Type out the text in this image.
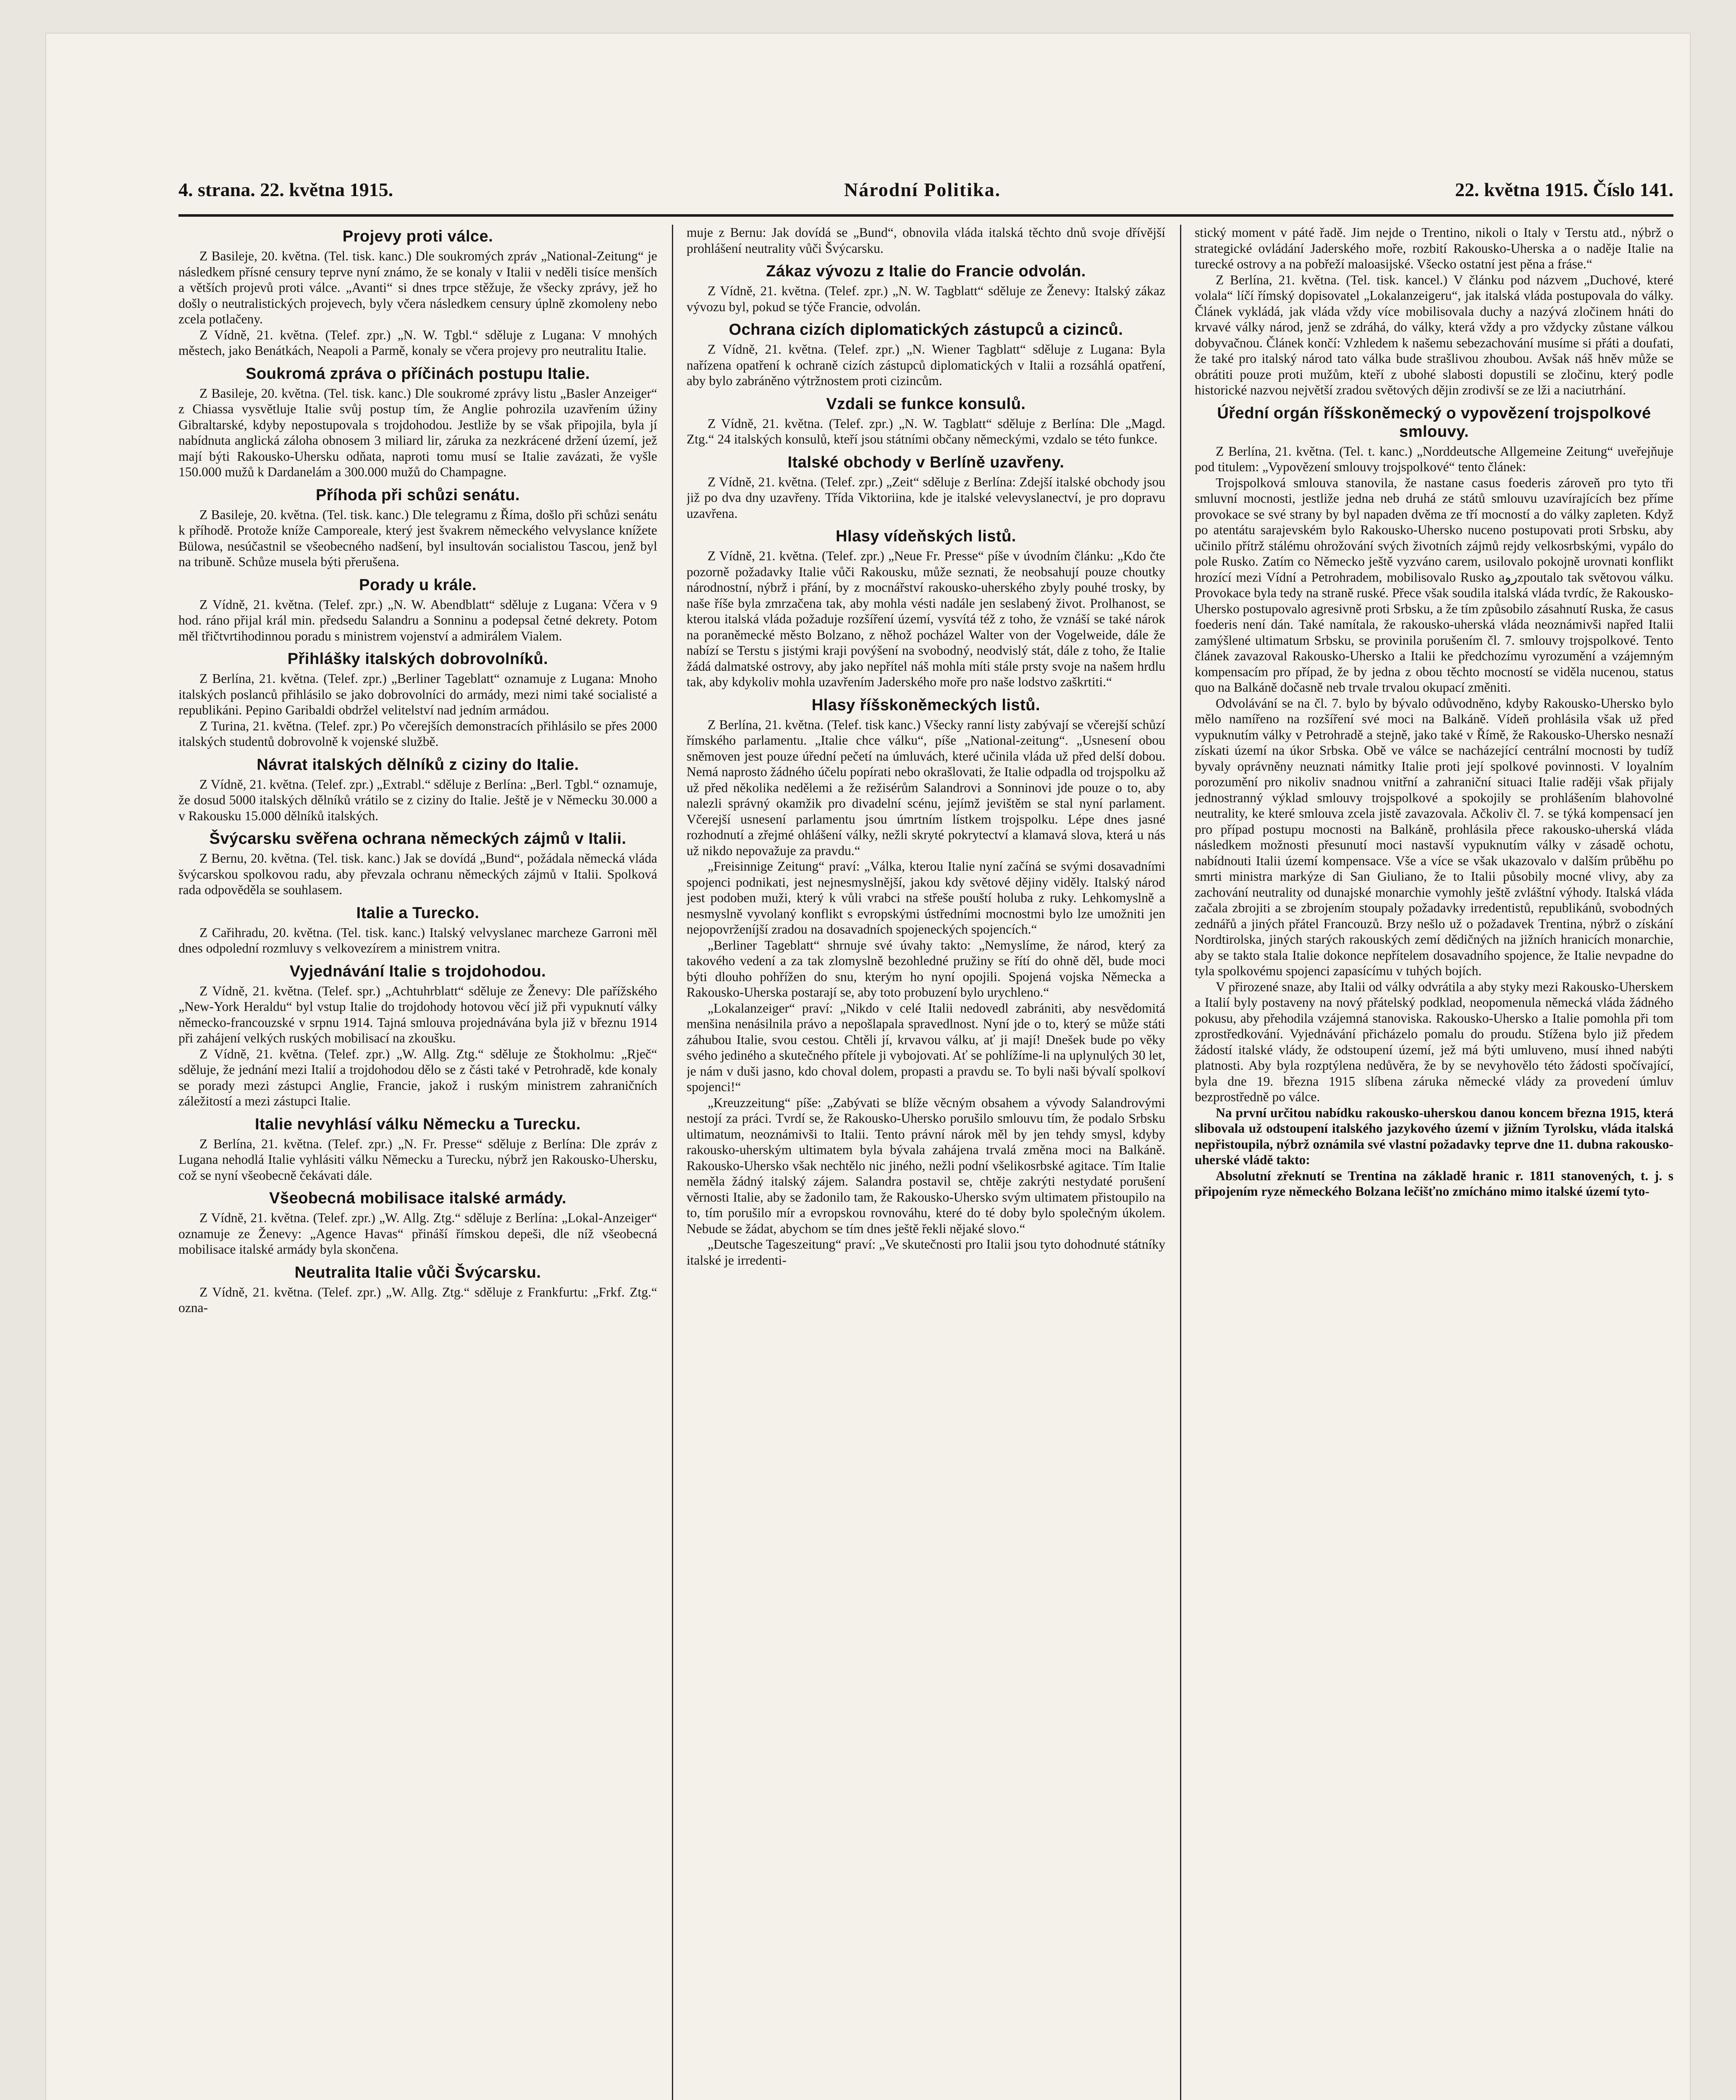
4. strana. 22. května 1915.	Národní Politika.	22. května 1915. Číslo 141.
Projevy proti válce.

Z Basileje, 20. května. (Tel. tisk. kanc.) Dle soukromých zpráv „National-Zeitung“ je následkem přísné censury teprve nyní známo, že se konaly v Italii v neděli tisíce menších a větších projevů proti válce. „Avanti“ si dnes trpce stěžuje, že všecky zprávy, jež ho došly o neutralistických projevech, byly včera následkem censury úplně zkomoleny nebo zcela potlačeny.

Z Vídně, 21. května. (Telef. zpr.) „N. W. Tgbl.“ sděluje z Lugana: V mnohých městech, jako Benátkách, Neapoli a Parmě, konaly se včera projevy pro neutralitu Italie.

Soukromá zpráva o příčinách postupu Italie.

Z Basileje, 20. května. (Tel. tisk. kanc.) Dle soukromé zprávy listu „Basler Anzeiger“ z Chiassa vysvětluje Italie svůj postup tím, že Anglie pohrozila uzavřením úžiny Gibraltarské, kdyby nepostupovala s trojdohodou. Jestliže by se však připojila, byla jí nabídnuta anglická záloha obnosem 3 miliard lir, záruka za nezkrácené držení území, jež mají býti Rakousko-Uhersku odňata, naproti tomu musí se Italie zavázati, že vyšle 150.000 mužů k Dardanelám a 300.000 mužů do Champagne.

Příhoda při schůzi senátu.

Z Basileje, 20. května. (Tel. tisk. kanc.) Dle telegramu z Říma, došlo při schůzi senátu k příhodě. Protože kníže Camporeale, který jest švakrem německého velvyslance knížete Bülowa, nesúčastnil se všeobecného nadšení, byl insultován socialistou Tascou, jenž byl na tribuně. Schůze musela býti přerušena.

Porady u krále.

Z Vídně, 21. května. (Telef. zpr.) „N. W. Abendblatt“ sděluje z Lugana: Včera v 9 hod. ráno přijal král min. předsedu Salandru a Sonninu a podepsal četné dekrety. Potom měl třičtvrtihodinnou poradu s ministrem vojenství a admirálem Vialem.

Přihlášky italských dobrovolníků.

Z Berlína, 21. května. (Telef. zpr.) „Berliner Tageblatt“ oznamuje z Lugana: Mnoho italských poslanců přihlásilo se jako dobrovolníci do armády, mezi nimi také socialisté a republikáni. Pepino Garibaldi obdržel velitelství nad jedním armádou.

Z Turina, 21. května. (Telef. zpr.) Po včerejších demonstracích přihlásilo se přes 2000 italských studentů dobrovolně k vojenské službě.

Návrat italských dělníků z ciziny do Italie.

Z Vídně, 21. května. (Telef. zpr.) „Extrabl.“ sděluje z Berlína: „Berl. Tgbl.“ oznamuje, že dosud 5000 italských dělníků vrátilo se z ciziny do Italie. Ještě je v Německu 30.000 a v Rakousku 15.000 dělníků italských.

Švýcarsku svěřena ochrana německých zájmů v Italii.

Z Bernu, 20. května. (Tel. tisk. kanc.) Jak se dovídá „Bund“, požádala německá vláda švýcarskou spolkovou radu, aby převzala ochranu německých zájmů v Italii. Spolková rada odpověděla se souhlasem.

Italie a Turecko.

Z Cařihradu, 20. května. (Tel. tisk. kanc.) Italský velvyslanec marcheze Garroni měl dnes odpolední rozmluvy s velkovezírem a ministrem vnitra.

Vyjednávání Italie s trojdohodou.

Z Vídně, 21. května. (Telef. spr.) „Achtuhrblatt“ sděluje ze Ženevy: Dle pařížského „New-York Heraldu“ byl vstup Italie do trojdohody hotovou věcí již při vypuknutí války německo-francouzské v srpnu 1914. Tajná smlouva projednávána byla již v březnu 1914 při zahájení velkých ruských mobilisací na zkoušku.

Z Vídně, 21. května. (Telef. zpr.) „W. Allg. Ztg.“ sděluje ze Štokholmu: „Rječ“ sděluje, že jednání mezi Italií a trojdohodou dělo se z části také v Petrohradě, kde konaly se porady mezi zástupci Anglie, Francie, jakož i ruským ministrem zahraničních záležitostí a mezi zástupci Italie.

Italie nevyhlásí válku Německu a Turecku.

Z Berlína, 21. května. (Telef. zpr.) „N. Fr. Presse“ sděluje z Berlína: Dle zpráv z Lugana nehodlá Italie vyhlásiti válku Německu a Turecku, nýbrž jen Rakousko-Uhersku, což se nyní všeobecně čekávati dále.

Všeobecná mobilisace italské armády.

Z Vídně, 21. května. (Telef. zpr.) „W. Allg. Ztg.“ sděluje z Berlína: „Lokal-Anzeiger“ oznamuje ze Ženevy: „Agence Havas“ přináší římskou depeši, dle níž všeobecná mobilisace italské armády byla skončena.

Neutralita Italie vůči Švýcarsku.

Z Vídně, 21. května. (Telef. zpr.) „W. Allg. Ztg.“ sděluje z Frankfurtu: „Frkf. Ztg.“ ozna-

muje z Bernu: Jak dovídá se „Bund“, obnovila vláda italská těchto dnů svoje dřívější prohlášení neutrality vůči Švýcarsku.

Zákaz vývozu z Italie do Francie odvolán.

Z Vídně, 21. května. (Telef. zpr.) „N. W. Tagblatt“ sděluje ze Ženevy: Italský zákaz vývozu byl, pokud se týče Francie, odvolán.

Ochrana cizích diplomatických zástupců a cizinců.

Z Vídně, 21. května. (Telef. zpr.) „N. Wiener Tagblatt“ sděluje z Lugana: Byla nařízena opatření k ochraně cizích zástupců diplomatických v Italii a rozsáhlá opatření, aby bylo zabráněno výtržnostem proti cizincům.

Vzdali se funkce konsulů.

Z Vídně, 21. května. (Telef. zpr.) „N. W. Tagblatt“ sděluje z Berlína: Dle „Magd. Ztg.“ 24 italských konsulů, kteří jsou státními občany německými, vzdalo se této funkce.

Italské obchody v Berlíně uzavřeny.

Z Vídně, 21. května. (Telef. zpr.) „Zeit“ sděluje z Berlína: Zdejší italské obchody jsou již po dva dny uzavřeny. Třída Viktoriina, kde je italské velevyslanectví, je pro dopravu uzavřena.

Hlasy vídeňských listů.

Z Vídně, 21. května. (Telef. zpr.) „Neue Fr. Presse“ píše v úvodním článku: „Kdo čte pozorně požadavky Italie vůči Rakousku, může seznati, že neobsahují pouze choutky národnostní, nýbrž i přání, by z mocnářství rakousko-uherského zbyly pouhé trosky, by naše říše byla zmrzačena tak, aby mohla vésti nadále jen seslabený život. Prolhanost, se kterou italská vláda požaduje rozšíření území, vysvítá též z toho, že vznáší se také nárok na poraněmecké město Bolzano, z něhož pocházel Walter von der Vogelweide, dále že nabízí se Terstu s jistými kraji povýšení na svobodný, neodvislý stát, dále z toho, že Italie žádá dalmatské ostrovy, aby jako nepřítel náš mohla míti stále prsty svoje na našem hrdlu tak, aby kdykoliv mohla uzavřením Jaderského moře pro naše lodstvo zaškrtiti.“

Hlasy říšskoněmeckých listů.

Z Berlína, 21. května. (Telef. tisk kanc.) Všecky ranní listy zabývají se včerejší schůzí římského parlamentu. „Italie chce válku“, píše „National-zeitung“. „Usnesení obou sněmoven jest pouze úřední pečetí na úmluvách, které učinila vláda už před delší dobou. Nemá naprosto žádného účelu popírati nebo okrašlovati, že Italie odpadla od trojspolku až už před několika nedělemi a že režisérům Salandrovi a Sonninovi jde pouze o to, aby nalezli správný okamžik pro divadelní scénu, jejímž jevištěm se stal nyní parlament. Včerejší usnesení parlamentu jsou úmrtním lístkem trojspolku. Lépe dnes jasné rozhodnutí a zřejmé ohlášení války, nežli skryté pokrytectví a klamavá slova, která u nás už nikdo nepovažuje za pravdu.“

„Freisinnige Zeitung“ praví: „Válka, kterou Italie nyní začíná se svými dosavadními spojenci podnikati, jest nejnesmyslnější, jakou kdy světové dějiny viděly. Italský národ jest podoben muži, který k vůli vrabci na střeše pouští holuba z ruky. Lehkomyslně a nesmyslně vyvolaný konflikt s evropskými ústředními mocnostmi bylo lze umožniti jen nejopovrženíjší zradou na dosavadních spojeneckých spojencích.“

„Berliner Tageblatt“ shrnuje své úvahy takto: „Nemyslíme, že národ, který za takového vedení a za tak zlomyslně bezohledné pružiny se řítí do ohně děl, bude moci býti dlouho pohřížen do snu, kterým ho nyní opojili. Spojená vojska Německa a Rakousko-Uherska postarají se, aby toto probuzení bylo urychleno.“

„Lokalanzeiger“ praví: „Nikdo v celé Italii nedovedl zabrániti, aby nesvědomitá menšina nenásilnila právo a nepošlapala spravedlnost. Nyní jde o to, který se může státi záhubou Italie, svou cestou. Chtěli jí, krvavou válku, ať ji mají! Dnešek bude po věky svého jediného a skutečného přítele ji vybojovati. Ať se pohlížíme-li na uplynulých 30 let, je nám v duši jasno, kdo choval dolem, propasti a pravdu se. To byli naši bývalí spolkoví spojenci!“

„Kreuzzeitung“ píše: „Zabývati se blíže věcným obsahem a vývody Salandrovými nestojí za práci. Tvrdí se, že Rakousko-Uhersko porušilo smlouvu tím, že podalo Srbsku ultimatum, neoznámivši to Italii. Tento právní nárok měl by jen tehdy smysl, kdyby rakousko-uherským ultimatem byla bývala zahájena trvalá změna moci na Balkáně. Rakousko-Uhersko však nechtělo nic jiného, nežli podní všelikosrbské agitace. Tím Italie neměla žádný italský zájem. Salandra postavil se, chtěje zakrýti nestydaté porušení věrnosti Italie, aby se žadonilo tam, že Rakousko-Uhersko svým ultimatem přistoupilo na to, tím porušilo mír a evropskou rovnováhu, které do té doby bylo společným úkolem. Nebude se žádat, abychom se tím dnes ještě řekli nějaké slovo.“

„Deutsche Tageszeitung“ praví: „Ve skutečnosti pro Italii jsou tyto dohodnuté státníky italské je irredenti-

stický moment v páté řadě. Jim nejde o Trentino, nikoli o Italy v Terstu atd., nýbrž o strategické ovládání Jaderského moře, rozbití Rakousko-Uherska a o naděje Italie na turecké ostrovy a na pobřeží maloasijské. Všecko ostatní jest pěna a fráse.“

Z Berlína, 21. května. (Tel. tisk. kancel.) V článku pod názvem „Duchové, které volala“ líčí římský dopisovatel „Lokalanzeigeru“, jak italská vláda postupovala do války. Článek vykládá, jak vláda vždy více mobilisovala duchy a nazývá zločinem hnáti do krvavé války národ, jenž se zdráhá, do války, která vždy a pro vždycky zůstane válkou dobyvačnou. Článek končí: Vzhledem k našemu sebezachování musíme si přáti a doufati, že také pro italský národ tato válka bude strašlivou zhoubou. Avšak náš hněv může se obrátiti pouze proti mužům, kteří z ubohé slabosti dopustili se zločinu, který podle historické nazvou největší zradou světových dějin zrodivší se ze lži a naciutrhání.

Úřední orgán říšskoněmecký o vypovězení trojspolkové smlouvy.

Z Berlína, 21. května. (Tel. t. kanc.) „Norddeutsche Allgemeine Zeitung“ uveřejňuje pod titulem: „Vypovězení smlouvy trojspolkové“ tento článek:

Trojspolková smlouva stanovila, že nastane casus foederis zároveň pro tyto tři smluvní mocnosti, jestliže jedna neb druhá ze států smlouvu uzavírajících bez příme provokace se své strany by byl napaden dvěma ze tří mocností a do války zapleten. Když po atentátu sarajevském bylo Rakousko-Uhersko nuceno postupovati proti Srbsku, aby učinilo přítrž stálému ohrožování svých životních zájmů rejdy velkosrbskými, vypálo do pole Rusko. Zatím co Německo ještě vyzváno carem, usilovalo pokojně urovnati konflikt hrozící mezi Vídní a Petrohradem, mobilisovalo Rusko aروzpoutalo tak světovou válku. Provokace byla tedy na straně ruské. Přece však soudila italská vláda tvrdíc, že Rakousko-Uhersko postupovalo agresivně proti Srbsku, a že tím způsobilo zásahnutí Ruska, že casus foederis není dán. Také namítala, že rakousko-uherská vláda neoznámivši napřed Italii zamýšlené ultimatum Srbsku, se provinila porušením čl. 7. smlouvy trojspolkové. Tento článek zavazoval Rakousko-Uhersko a Italii ke předchozímu vyrozumění a vzájemným kompensacím pro případ, že by jedna z obou těchto mocností se viděla nucenou, status quo na Balkáně dočasně neb trvale trvalou okupací změniti.

Odvolávání se na čl. 7. bylo by bývalo odůvodněno, kdyby Rakousko-Uhersko bylo mělo namířeno na rozšíření své moci na Balkáně. Vídeň prohlásila však už před vypuknutím války v Petrohradě a stejně, jako také v Římě, že Rakousko-Uhersko nesnaží získati území na úkor Srbska. Obě ve válce se nacházející centrální mocnosti by tudíž byvaly oprávněny neuznati námitky Italie proti její spolkové povinnosti. V loyalním porozumění pro nikoliv snadnou vnitřní a zahraniční situaci Italie raději však přijaly jednostranný výklad smlouvy trojspolkové a spokojily se prohlášením blahovolné neutrality, ke které smlouva zcela jistě zavazovala. Ačkoliv čl. 7. se týká kompensací jen pro případ postupu mocnosti na Balkáně, prohlásila přece rakousko-uherská vláda následkem možnosti přesunutí moci nastavší vypuknutím války v zásadě ochotu, nabídnouti Italii území kompensace. Vše a více se však ukazovalo v dalším průběhu po smrti ministra markýze di San Giuliano, že to Italii působily mocné vlivy, aby za zachování neutrality od dunajské monarchie vymohly ještě zvláštní výhody. Italská vláda začala zbrojiti a se zbrojením stoupaly požadavky irredentistů, republikánů, svobodných zednářů a jiných přátel Francouzů. Brzy nešlo už o požadavek Trentina, nýbrž o získání Nordtirolska, jiných starých rakouských zemí dědičných na jižních hranicích monarchie, aby se takto stala Italie dokonce nepřítelem dosavadního spojence, že Italie nevpadne do tyla spolkovému spojenci zapasícímu v tuhých bojích.

V přirozené snaze, aby Italii od války odvrátila a aby styky mezi Rakousko-Uherskem a Italií byly postaveny na nový přátelský podklad, neopomenula německá vláda žádného pokusu, aby přehodila vzájemná stanoviska. Rakousko-Uhersko a Italie pomohla při tom zprostředkování. Vyjednávání přicházelo pomalu do proudu. Stížena bylo již předem žádostí italské vlády, že odstoupení území, jež má býti umluveno, musí ihned nabýti platnosti. Aby byla rozptýlena nedůvěra, že by se nevyhovělo této žádosti spočívající, byla dne 19. března 1915 slíbena záruka německé vlády za provedení úmluv bezprostředně po válce.

Na první určitou nabídku rakousko-uherskou danou koncem března 1915, která slibovala už odstoupení italského jazykového území v jižním Tyrolsku, vláda italská nepřistoupila, nýbrž oznámila své vlastní požadavky teprve dne 11. dubna rakousko-uherské vládě takto:

Absolutní zřeknutí se Trentina na základě hranic r. 1811 stanovených, t. j. s připojením ryze německého Bolzana lečišťno zmícháno mimo italské území tyto-
